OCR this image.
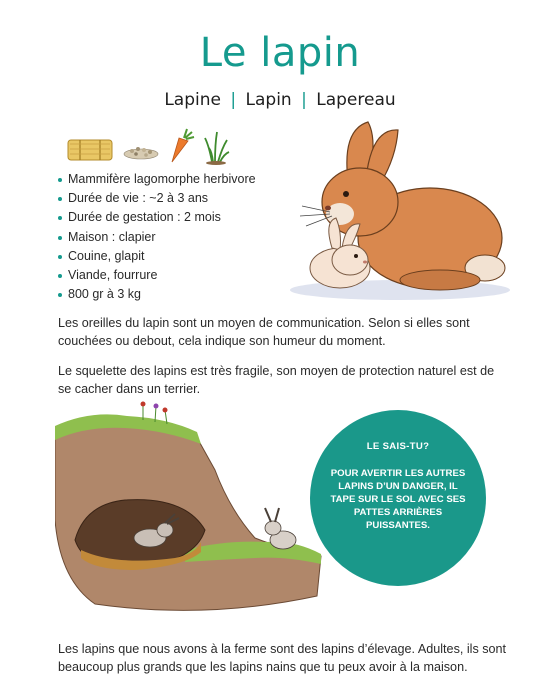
Le lapin
Lapine | Lapin | Lapereau
Mammifère lagomorphe herbivore
Durée de vie : ~2 à 3 ans
Durée de gestation : 2 mois
Maison : clapier
Couine, glapit
Viande, fourrure
800 gr à 3 kg

Les oreilles du lapin sont un moyen de communication. Selon si elles sont couchées ou debout, cela indique son humeur du moment.

Le squelette des lapins est très fragile, son moyen de protection naturel est de se cacher dans un terrier.

LE SAIS-TU?
POUR AVERTIR LES AUTRES LAPINS D’UN DANGER, IL TAPE SUR LE SOL AVEC SES PATTES ARRIÈRES PUISSANTES.

Les lapins que nous avons à la ferme sont des lapins d’élevage. Adultes, ils sont beaucoup plus grands que les lapins nains que tu peux avoir à la maison.
